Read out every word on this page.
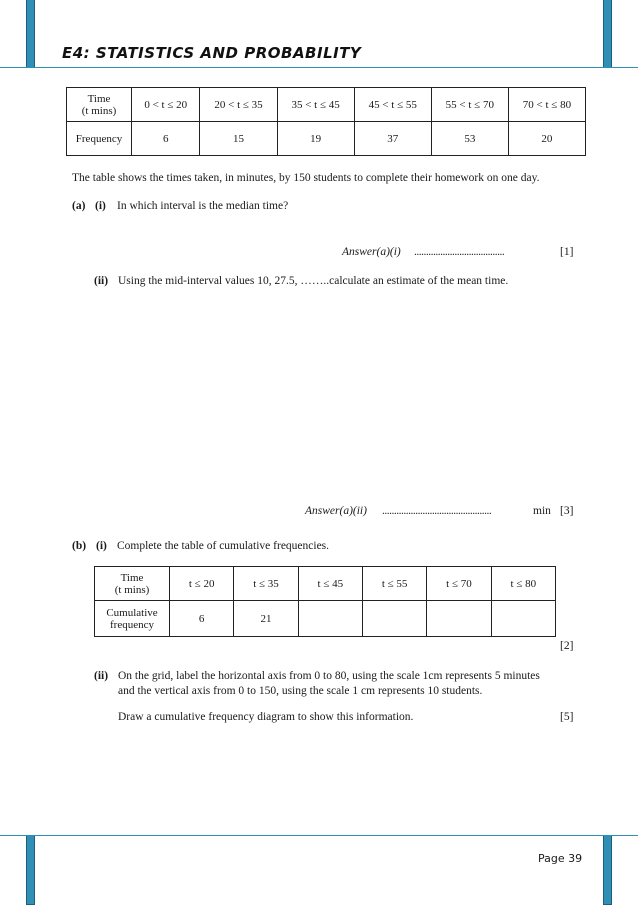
E4: STATISTICS AND PROBABILITY
Time
(t mins)	0 < t ≤ 20	20 < t ≤ 35	35 < t ≤ 45	45 < t ≤ 55	55 < t ≤ 70	70 < t ≤ 80
Frequency	6	15	19	37	53	20
The table shows the times taken, in minutes, by 150 students to complete their homework on one day.
(a) (i) In which interval is the median time?
Answer(a)(i) ......................................	[1]
(ii) Using the mid-interval values 10, 27.5, ……..calculate an estimate of the mean time.
Answer(a)(ii) ..............................................	min [3]
(b) (i) Complete the table of cumulative frequencies.
Time
(t mins)	t ≤ 20	t ≤ 35	t ≤ 45	t ≤ 55	t ≤ 70	t ≤ 80
Cumulative
frequency	6	21				
[2]
(ii) On the grid, label the horizontal axis from 0 to 80, using the scale 1cm represents 5 minutes
and the vertical axis from 0 to 150, using the scale 1 cm represents 10 students.
Draw a cumulative frequency diagram to show this information.	[5]
Page 39
